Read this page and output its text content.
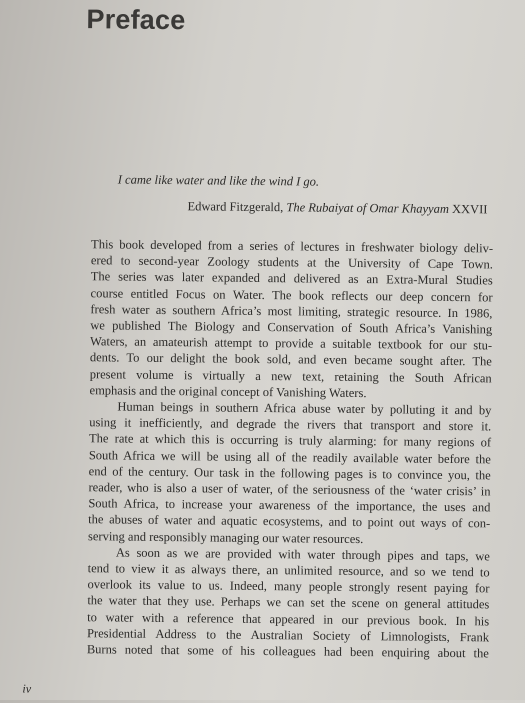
Preface
I came like water and like the wind I go.
Edward Fitzgerald, The Rubaiyat of Omar Khayyam XXVII
This book developed from a series of lectures in freshwater biology deliv-
ered to second-year Zoology students at the University of Cape Town.
The series was later expanded and delivered as an Extra-Mural Studies
course entitled Focus on Water. The book reflects our deep concern for
fresh water as southern Africa’s most limiting, strategic resource. In 1986,
we published The Biology and Conservation of South Africa’s Vanishing
Waters, an amateurish attempt to provide a suitable textbook for our stu-
dents. To our delight the book sold, and even became sought after. The
present volume is virtually a new text, retaining the South African
emphasis and the original concept of Vanishing Waters.
Human beings in southern Africa abuse water by polluting it and by
using it inefficiently, and degrade the rivers that transport and store it.
The rate at which this is occurring is truly alarming: for many regions of
South Africa we will be using all of the readily available water before the
end of the century. Our task in the following pages is to convince you, the
reader, who is also a user of water, of the seriousness of the ‘water crisis’ in
South Africa, to increase your awareness of the importance, the uses and
the abuses of water and aquatic ecosystems, and to point out ways of con-
serving and responsibly managing our water resources.
As soon as we are provided with water through pipes and taps, we
tend to view it as always there, an unlimited resource, and so we tend to
overlook its value to us. Indeed, many people strongly resent paying for
the water that they use. Perhaps we can set the scene on general attitudes
to water with a reference that appeared in our previous book. In his
Presidential Address to the Australian Society of Limnologists, Frank
Burns noted that some of his colleagues had been enquiring about the
iv
